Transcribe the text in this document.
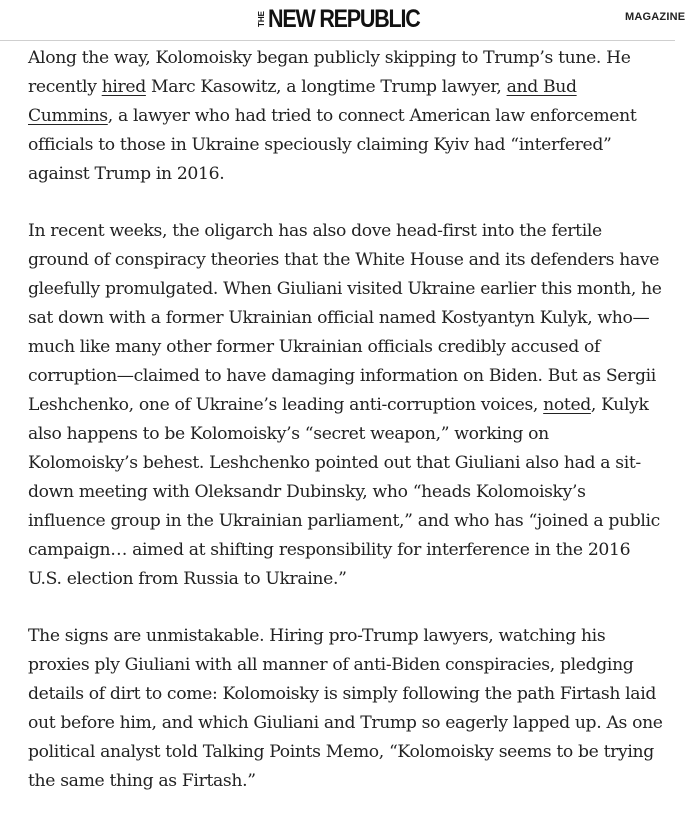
THE NEW REPUBLIC	MAGAZINE

Along the way, Kolomoisky began publicly skipping to Trump’s tune. He recently hired Marc Kasowitz, a longtime Trump lawyer, and Bud Cummins, a lawyer who had tried to connect American law enforcement officials to those in Ukraine speciously claiming Kyiv had “interfered” against Trump in 2016.

In recent weeks, the oligarch has also dove head-first into the fertile ground of conspiracy theories that the White House and its defenders have gleefully promulgated. When Giuliani visited Ukraine earlier this month, he sat down with a former Ukrainian official named Kostyantyn Kulyk, who—much like many other former Ukrainian officials credibly accused of corruption—claimed to have damaging information on Biden. But as Sergii Leshchenko, one of Ukraine’s leading anti-corruption voices, noted, Kulyk also happens to be Kolomoisky’s “secret weapon,” working on Kolomoisky’s behest. Leshchenko pointed out that Giuliani also had a sit-down meeting with Oleksandr Dubinsky, who “heads Kolomoisky’s influence group in the Ukrainian parliament,” and who has “joined a public campaign… aimed at shifting responsibility for interference in the 2016 U.S. election from Russia to Ukraine.”

The signs are unmistakable. Hiring pro-Trump lawyers, watching his proxies ply Giuliani with all manner of anti-Biden conspiracies, pledging details of dirt to come: Kolomoisky is simply following the path Firtash laid out before him, and which Giuliani and Trump so eagerly lapped up. As one political analyst told Talking Points Memo, “Kolomoisky seems to be trying the same thing as Firtash.”
